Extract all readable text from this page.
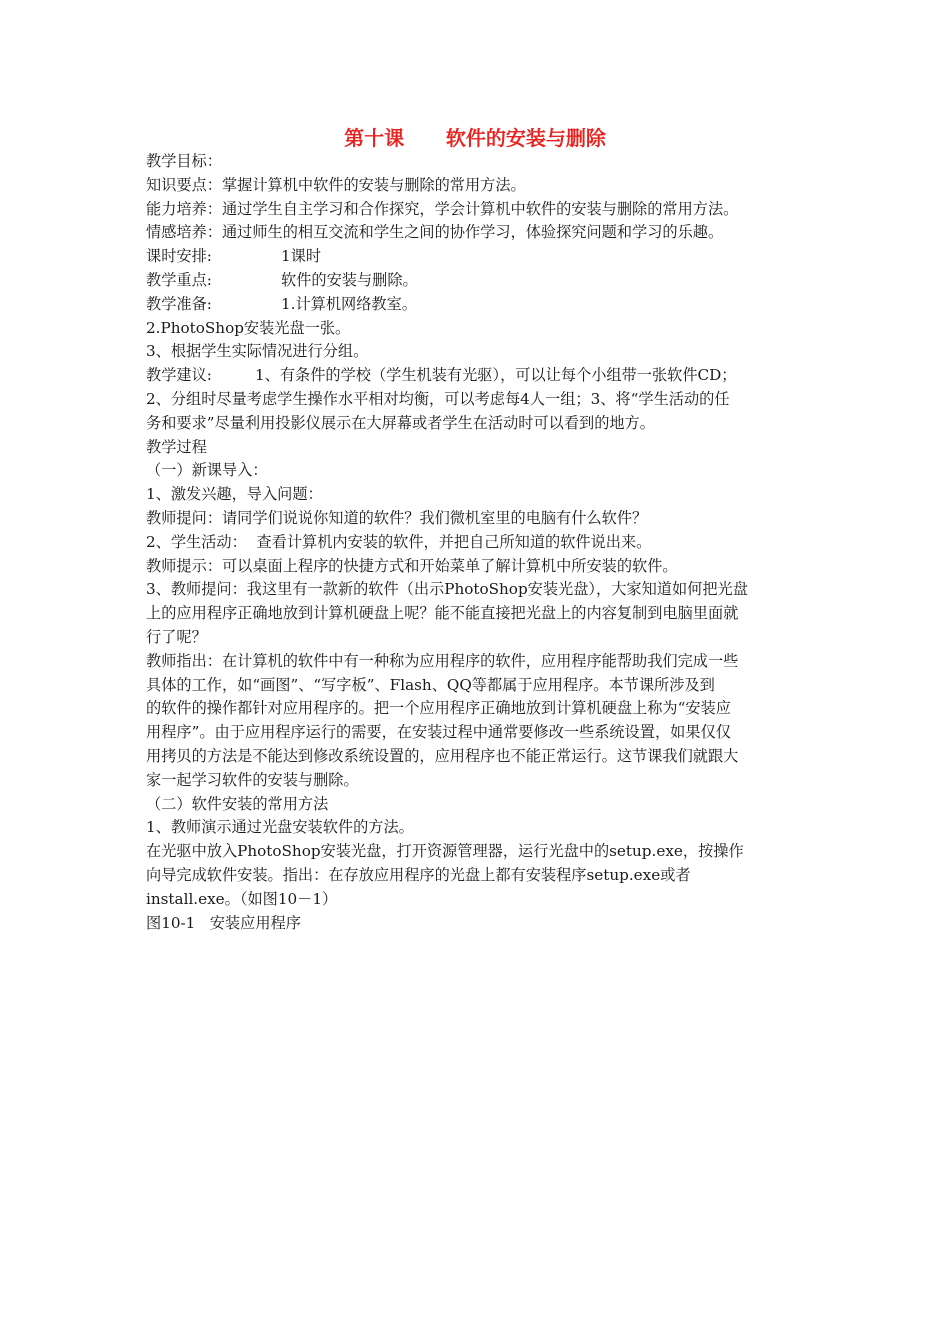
第十课      软件的安装与删除
教学目标：
知识要点：掌握计算机中软件的安装与删除的常用方法。
能力培养：通过学生自主学习和合作探究，学会计算机中软件的安装与删除的常用方法。
情感培养：通过师生的相互交流和学生之间的协作学习，体验探究问题和学习的乐趣。
课时安排:	1课时
教学重点:	软件的安装与删除。
教学准备:	1.计算机网络教室。
2.PhotoShop安装光盘一张。
3、根据学生实际情况进行分组。
教学建议:	1、有条件的学校（学生机装有光驱），可以让每个小组带一张软件CD；
2、分组时尽量考虑学生操作水平相对均衡，可以考虑每4人一组；3、将“学生活动的任
务和要求”尽量利用投影仪展示在大屏幕或者学生在活动时可以看到的地方。
教学过程
（一）新课导入：
1、激发兴趣，导入问题：
教师提问：请同学们说说你知道的软件？我们微机室里的电脑有什么软件？
2、学生活动：  查看计算机内安装的软件，并把自己所知道的软件说出来。
教师提示：可以桌面上程序的快捷方式和开始菜单了解计算机中所安装的软件。
3、教师提问：我这里有一款新的软件（出示PhotoShop安装光盘），大家知道如何把光盘
上的应用程序正确地放到计算机硬盘上呢？能不能直接把光盘上的内容复制到电脑里面就
行了呢？
教师指出：在计算机的软件中有一种称为应用程序的软件，应用程序能帮助我们完成一些
具体的工作，如“画图”、“写字板”、Flash、QQ等都属于应用程序。本节课所涉及到
的软件的操作都针对应用程序的。把一个应用程序正确地放到计算机硬盘上称为“安装应
用程序”。由于应用程序运行的需要，在安装过程中通常要修改一些系统设置，如果仅仅
用拷贝的方法是不能达到修改系统设置的，应用程序也不能正常运行。这节课我们就跟大
家一起学习软件的安装与删除。
（二）软件安装的常用方法
1、教师演示通过光盘安装软件的方法。
在光驱中放入PhotoShop安装光盘，打开资源管理器，运行光盘中的setup.exe，按操作
向导完成软件安装。指出：在存放应用程序的光盘上都有安装程序setup.exe或者
install.exe。（如图10－1）
图10-1   安装应用程序
